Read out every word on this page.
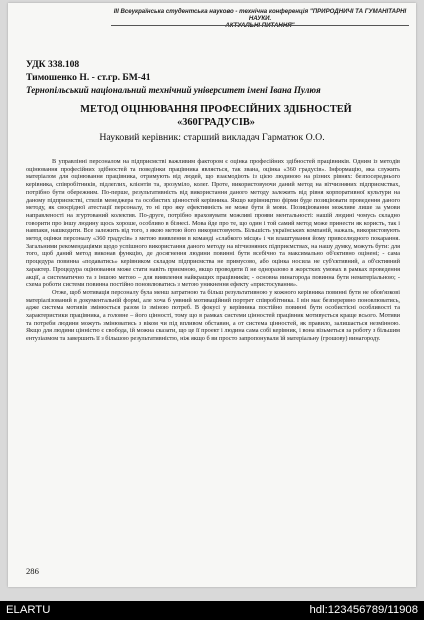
ІІІ Всеукраїнська студентська науково - технічна конференція "ПРИРОДНИЧІ ТА ГУМАНІТАРНІ НАУКИ.
АКТУАЛЬНІ ПИТАННЯ"
УДК 338.108
Тимошенко Н. - ст.гр. БМ-41
Тернопільський національний технічний університет імені Івана Пулюя
МЕТОД ОЦІНЮВАННЯ ПРОФЕСІЙНИХ ЗДІБНОСТЕЙ
«360ГРАДУСІВ»
Науковий керівник: старший викладач Гарматюк О.О.

В управлінні персоналом на підприємстві важливим фактором є оцінка професійних здібностей працівників. Одним із методів оцінювання професійних здібностей та поведінки працівника являється, так звана, оцінка «360 градусів». Інформацію, яка служить матеріалом для оцінювання працівника, отримують від людей, що взаємодіють із цією людиною на різних рівнях: безпосереднього керівника, співробітників, підлеглих, клієнтів та, зрозуміло, колег. Проте, використовуючи даний метод на вітчизняних підприємствах, потрібно бути обережним. По-перше, результативність від використання даного методу залежить від рівня корпоративної культури на даному підприємстві, стилів менеджера та особистих цінностей керівника. Якщо керівництво фірми буде позиціювати проведення даного методу, як своєрідної атестації персоналу, то ні про яку ефективність не може бути й мови. Позиціювання можливе лише за умови направленості на згуртований колектив. По-друге, потрібно враховувати можливі прояви ментальності: нашій людині чомусь складно говорити про іншу людину щось хороше, особливо в бізнесі. Мова йде про те, що один і той самий метод може принести як користь, так і навпаки, нашкодити. Все залежить від того, з якою метою його використовують. Більшість українських компаній, нажаль, використовують метод оцінки персоналу «360 градусів» з метою виявлення в команді «слабкого місця» і чи влаштування йому привселюдного покарання. Загальними рекомендаціями щодо успішного використання даного методу на вітчизняних підприємствах, на нашу думку, можуть бути: для того, щоб даний метод виконав функцію, де досягнення людини повинні бути всебічно та максимально об'єктивно оцінені; - сама процедура повинна «подаватись» керівником складом підприємства не примусово, або оцінка носила не суб'єктивний, а об'єктивний характер. Процедура оцінювання може стати навіть приємною, якщо проводити її не одноразово в жорстких умовах в рамках проведення акції, а систематично та з іншою метою – для виявлення найкращих працівників; - основна винагорода повинна бути нематеріальною; - схема роботи системи повинна постійно поновлюватись з метою уникнення ефекту «пристосування».

Отже, щоб мотивація персоналу була менш затратною та більш результативною у кожного керівника повинні бути не обов'язкові матеріалізований в документальній формі, але хоча б уявний мотиваційний портрет співробітника. І він має безперервно поновлюватись, адже система мотивів змінюється разом із зміною потреб. В фокусі у керівника постійно повинні бути особистісні особливості та характеристики працівника, а головне – його цінності, тому що в рамках системи цінностей працівник мотивується краще всього. Мотиви та потреби людини можуть змінюватись з віком чи під впливом обставин, а от система цінностей, як правило, залишається незмінною. Якщо для людини цінністю є свобода, ій можна сказати, що це її проект і людина сама собі керівник, і вона візьметься за роботу з більшим ентузіазмом та завершить її з більшою результативністю, ніж якщо б ви просто запропонували їй матеріальну (грошову) винагороду.

286
ELARTU	hdl:123456789/11908
